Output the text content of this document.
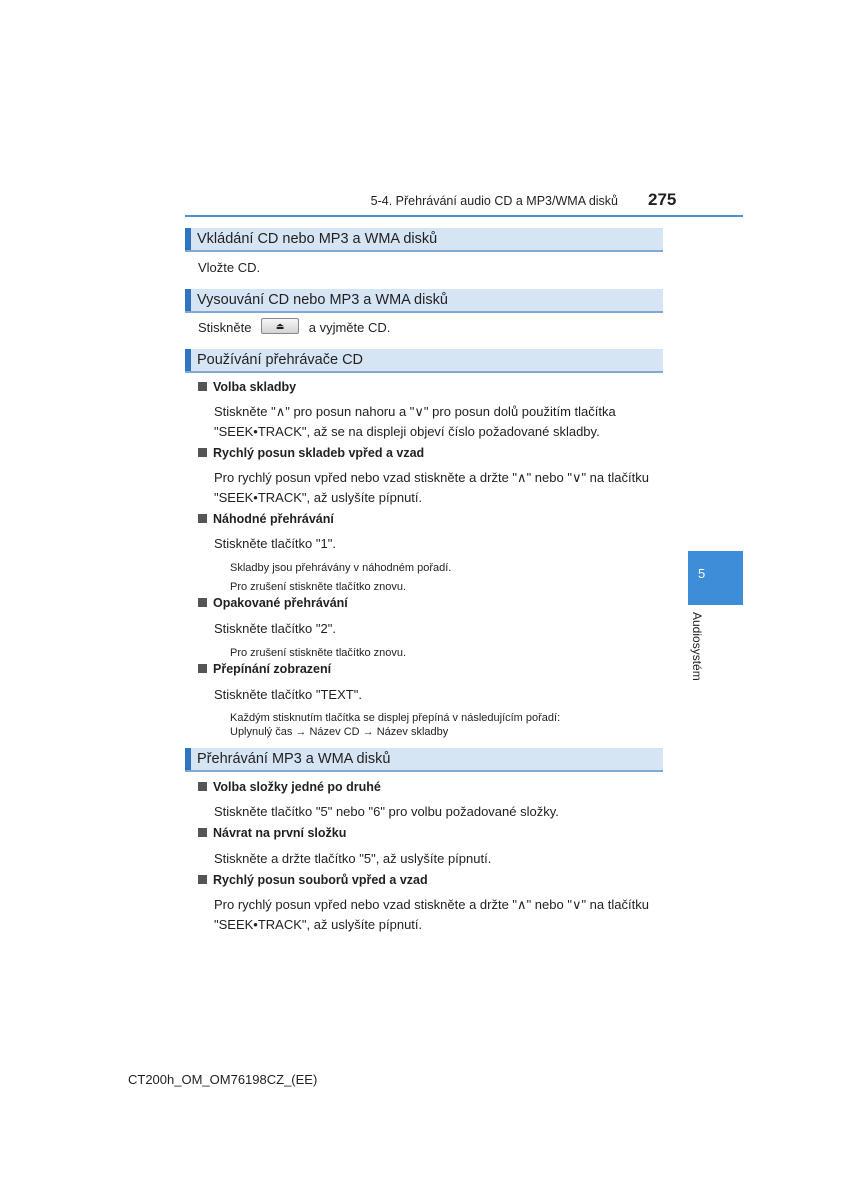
5-4. Přehrávání audio CD a MP3/WMA disků 275
Vkládání CD nebo MP3 a WMA disků
Vložte CD.
Vysouvání CD nebo MP3 a WMA disků
Stiskněte	⏏	a vyjměte CD.
Používání přehrávače CD
Volba skladby
Stiskněte "∧" pro posun nahoru a "∨" pro posun dolů použitím tlačítka
"SEEK•TRACK", až se na displeji objeví číslo požadované skladby.
Rychlý posun skladeb vpřed a vzad
Pro rychlý posun vpřed nebo vzad stiskněte a držte "∧" nebo "∨" na tlačítku
"SEEK•TRACK", až uslyšíte pípnutí.
Náhodné přehrávání
Stiskněte tlačítko "1".
Skladby jsou přehrávány v náhodném pořadí.
Pro zrušení stiskněte tlačítko znovu.
Opakované přehrávání
Stiskněte tlačítko "2".
Pro zrušení stiskněte tlačítko znovu.
Přepínání zobrazení
Stiskněte tlačítko "TEXT".
Každým stisknutím tlačítka se displej přepíná v následujícím pořadí:
Uplynulý čas → Název CD → Název skladby
Přehrávání MP3 a WMA disků
Volba složky jedné po druhé
Stiskněte tlačítko "5" nebo "6" pro volbu požadované složky.
Návrat na první složku
Stiskněte a držte tlačítko "5", až uslyšíte pípnutí.
Rychlý posun souborů vpřed a vzad
Pro rychlý posun vpřed nebo vzad stiskněte a držte "∧" nebo "∨" na tlačítku
"SEEK•TRACK", až uslyšíte pípnutí.
5
Audiosystém
CT200h_OM_OM76198CZ_(EE)
